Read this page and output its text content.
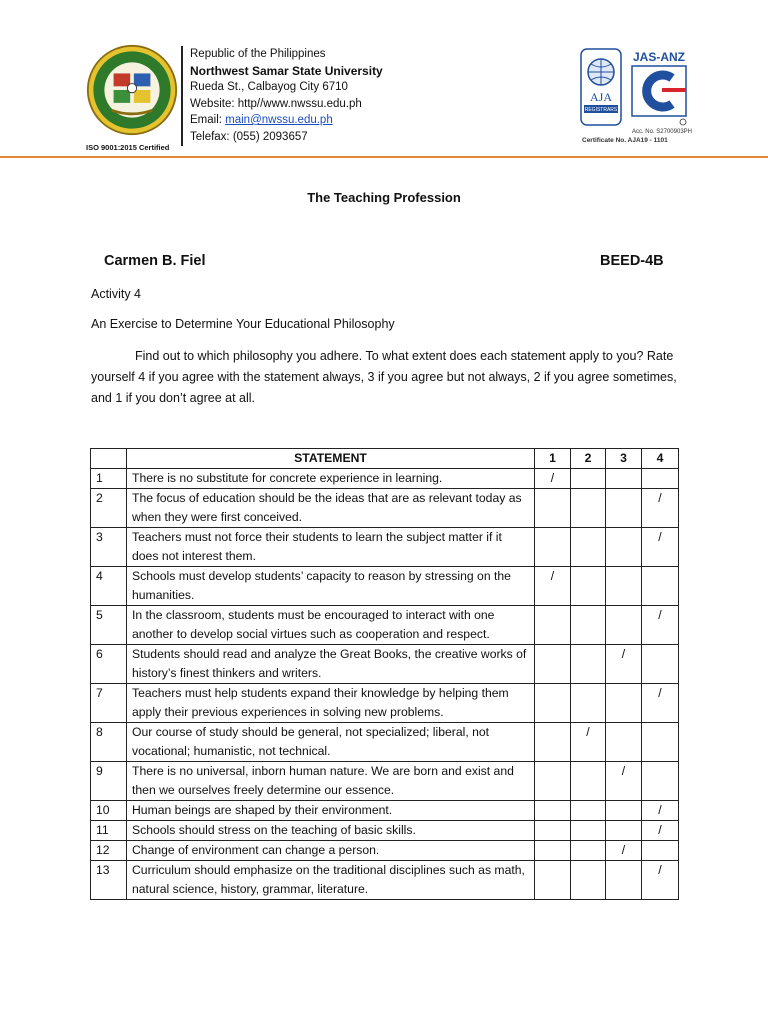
ISO 9001:2015 Certified
Republic of the Philippines
Northwest Samar State University
Rueda St., Calbayog City 6710
Website: http//www.nwssu.edu.ph
Email: main@nwssu.edu.ph
Telefax: (055) 2093657
AJA
REGISTRARS
JAS-ANZ
Acc. No. S2700903PH
Certificate No. AJA19 - 1101
The Teaching Profession
Carmen B. Fiel	BEED-4B
Activity 4
An Exercise to Determine Your Educational Philosophy
Find out to which philosophy you adhere. To what extent does each statement apply to you? Rate yourself 4 if you agree with the statement always, 3 if you agree but not always, 2 if you agree sometimes, and 1 if you don’t agree at all.
	STATEMENT	1	2	3	4
1	There is no substitute for concrete experience in learning.	/			
2	The focus of education should be the ideas that are as relevant today as when they were first conceived.				/
3	Teachers must not force their students to learn the subject matter if it does not interest them.				/
4	Schools must develop students’ capacity to reason by stressing on the humanities.	/			
5	In the classroom, students must be encouraged to interact with one another to develop social virtues such as cooperation and respect.				/
6	Students should read and analyze the Great Books, the creative works of history’s finest thinkers and writers.			/	
7	Teachers must help students expand their knowledge by helping them apply their previous experiences in solving new problems.				/
8	Our course of study should be general, not specialized; liberal, not vocational; humanistic, not technical.		/		
9	There is no universal, inborn human nature. We are born and exist and then we ourselves freely determine our essence.			/	
10	Human beings are shaped by their environment.				/
11	Schools should stress on the teaching of basic skills.				/
12	Change of environment can change a person.			/	
13	Curriculum should emphasize on the traditional disciplines such as math, natural science, history, grammar, literature.				/
